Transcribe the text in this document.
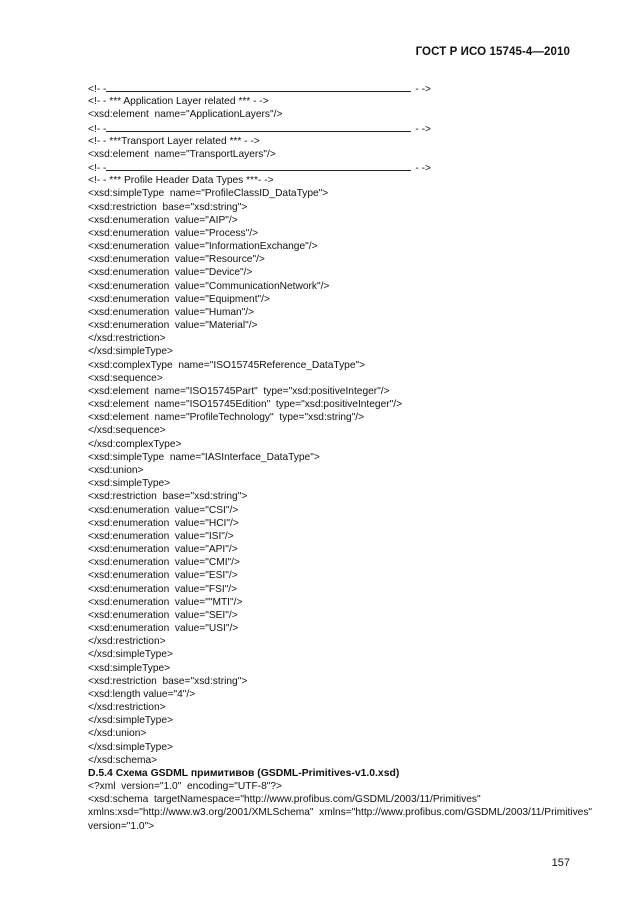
ГОСТ Р ИСО 15745-4—2010
<!- -	- ->
<!- - *** Application Layer related *** - ->
<xsd:element  name="ApplicationLayers"/>
<!- -	- ->
<!- - ***Transport Layer related *** - ->
<xsd:element  name="TransportLayers"/>
<!- -	- ->
<!- - *** Profile Header Data Types ***- ->
<xsd:simpleType  name="ProfileClassID_DataType">
<xsd:restriction  base="xsd:string">
<xsd:enumeration  value="AIP"/>
<xsd:enumeration  value="Process"/>
<xsd:enumeration  value="InformationExchange"/>
<xsd:enumeration  value="Resource"/>
<xsd:enumeration  value="Device"/>
<xsd:enumeration  value="CommunicationNetwork"/>
<xsd:enumeration  value="Equipment"/>
<xsd:enumeration  value="Human"/>
<xsd:enumeration  value="Material"/>
</xsd:restriction>
</xsd:simpleType>
<xsd:complexType  name="ISO15745Reference_DataType">
<xsd:sequence>
<xsd:element  name="ISO15745Part"  type="xsd:positiveInteger"/>
<xsd:element  name="ISO15745Edition"  type="xsd:positiveInteger"/>
<xsd:element  name="ProfileTechnology"  type="xsd:string"/>
</xsd:sequence>
</xsd:complexType>
<xsd:simpleType  name="IASInterface_DataType">
<xsd:union>
<xsd:simpleType>
<xsd:restriction  base="xsd:string">
<xsd:enumeration  value="CSI"/>
<xsd:enumeration  value="HCI"/>
<xsd:enumeration  value="ISI"/>
<xsd:enumeration  value="API"/>
<xsd:enumeration  value="CMI"/>
<xsd:enumeration  value="ESI"/>
<xsd:enumeration  value="FSI"/>
<xsd:enumeration  value=""MTI"/>
<xsd:enumeration  value="SEI"/>
<xsd:enumeration  value="USI"/>
</xsd:restriction>
</xsd:simpleType>
<xsd:simpleType>
<xsd:restriction  base="xsd:string">
<xsd:length value="4"/>
</xsd:restriction>
</xsd:simpleType>
</xsd:union>
</xsd:simpleType>
</xsd:schema>
D.5.4 Схема GSDML примитивов (GSDML-Primitives-v1.0.xsd)
<?xml  version="1.0"  encoding="UTF-8"?>
<xsd:schema  targetNamespace="http://www.profibus.com/GSDML/2003/11/Primitives"
xmlns:xsd="http://www.w3.org/2001/XMLSchema"  xmlns="http://www.profibus.com/GSDML/2003/11/Primitives"
version="1.0">
157
